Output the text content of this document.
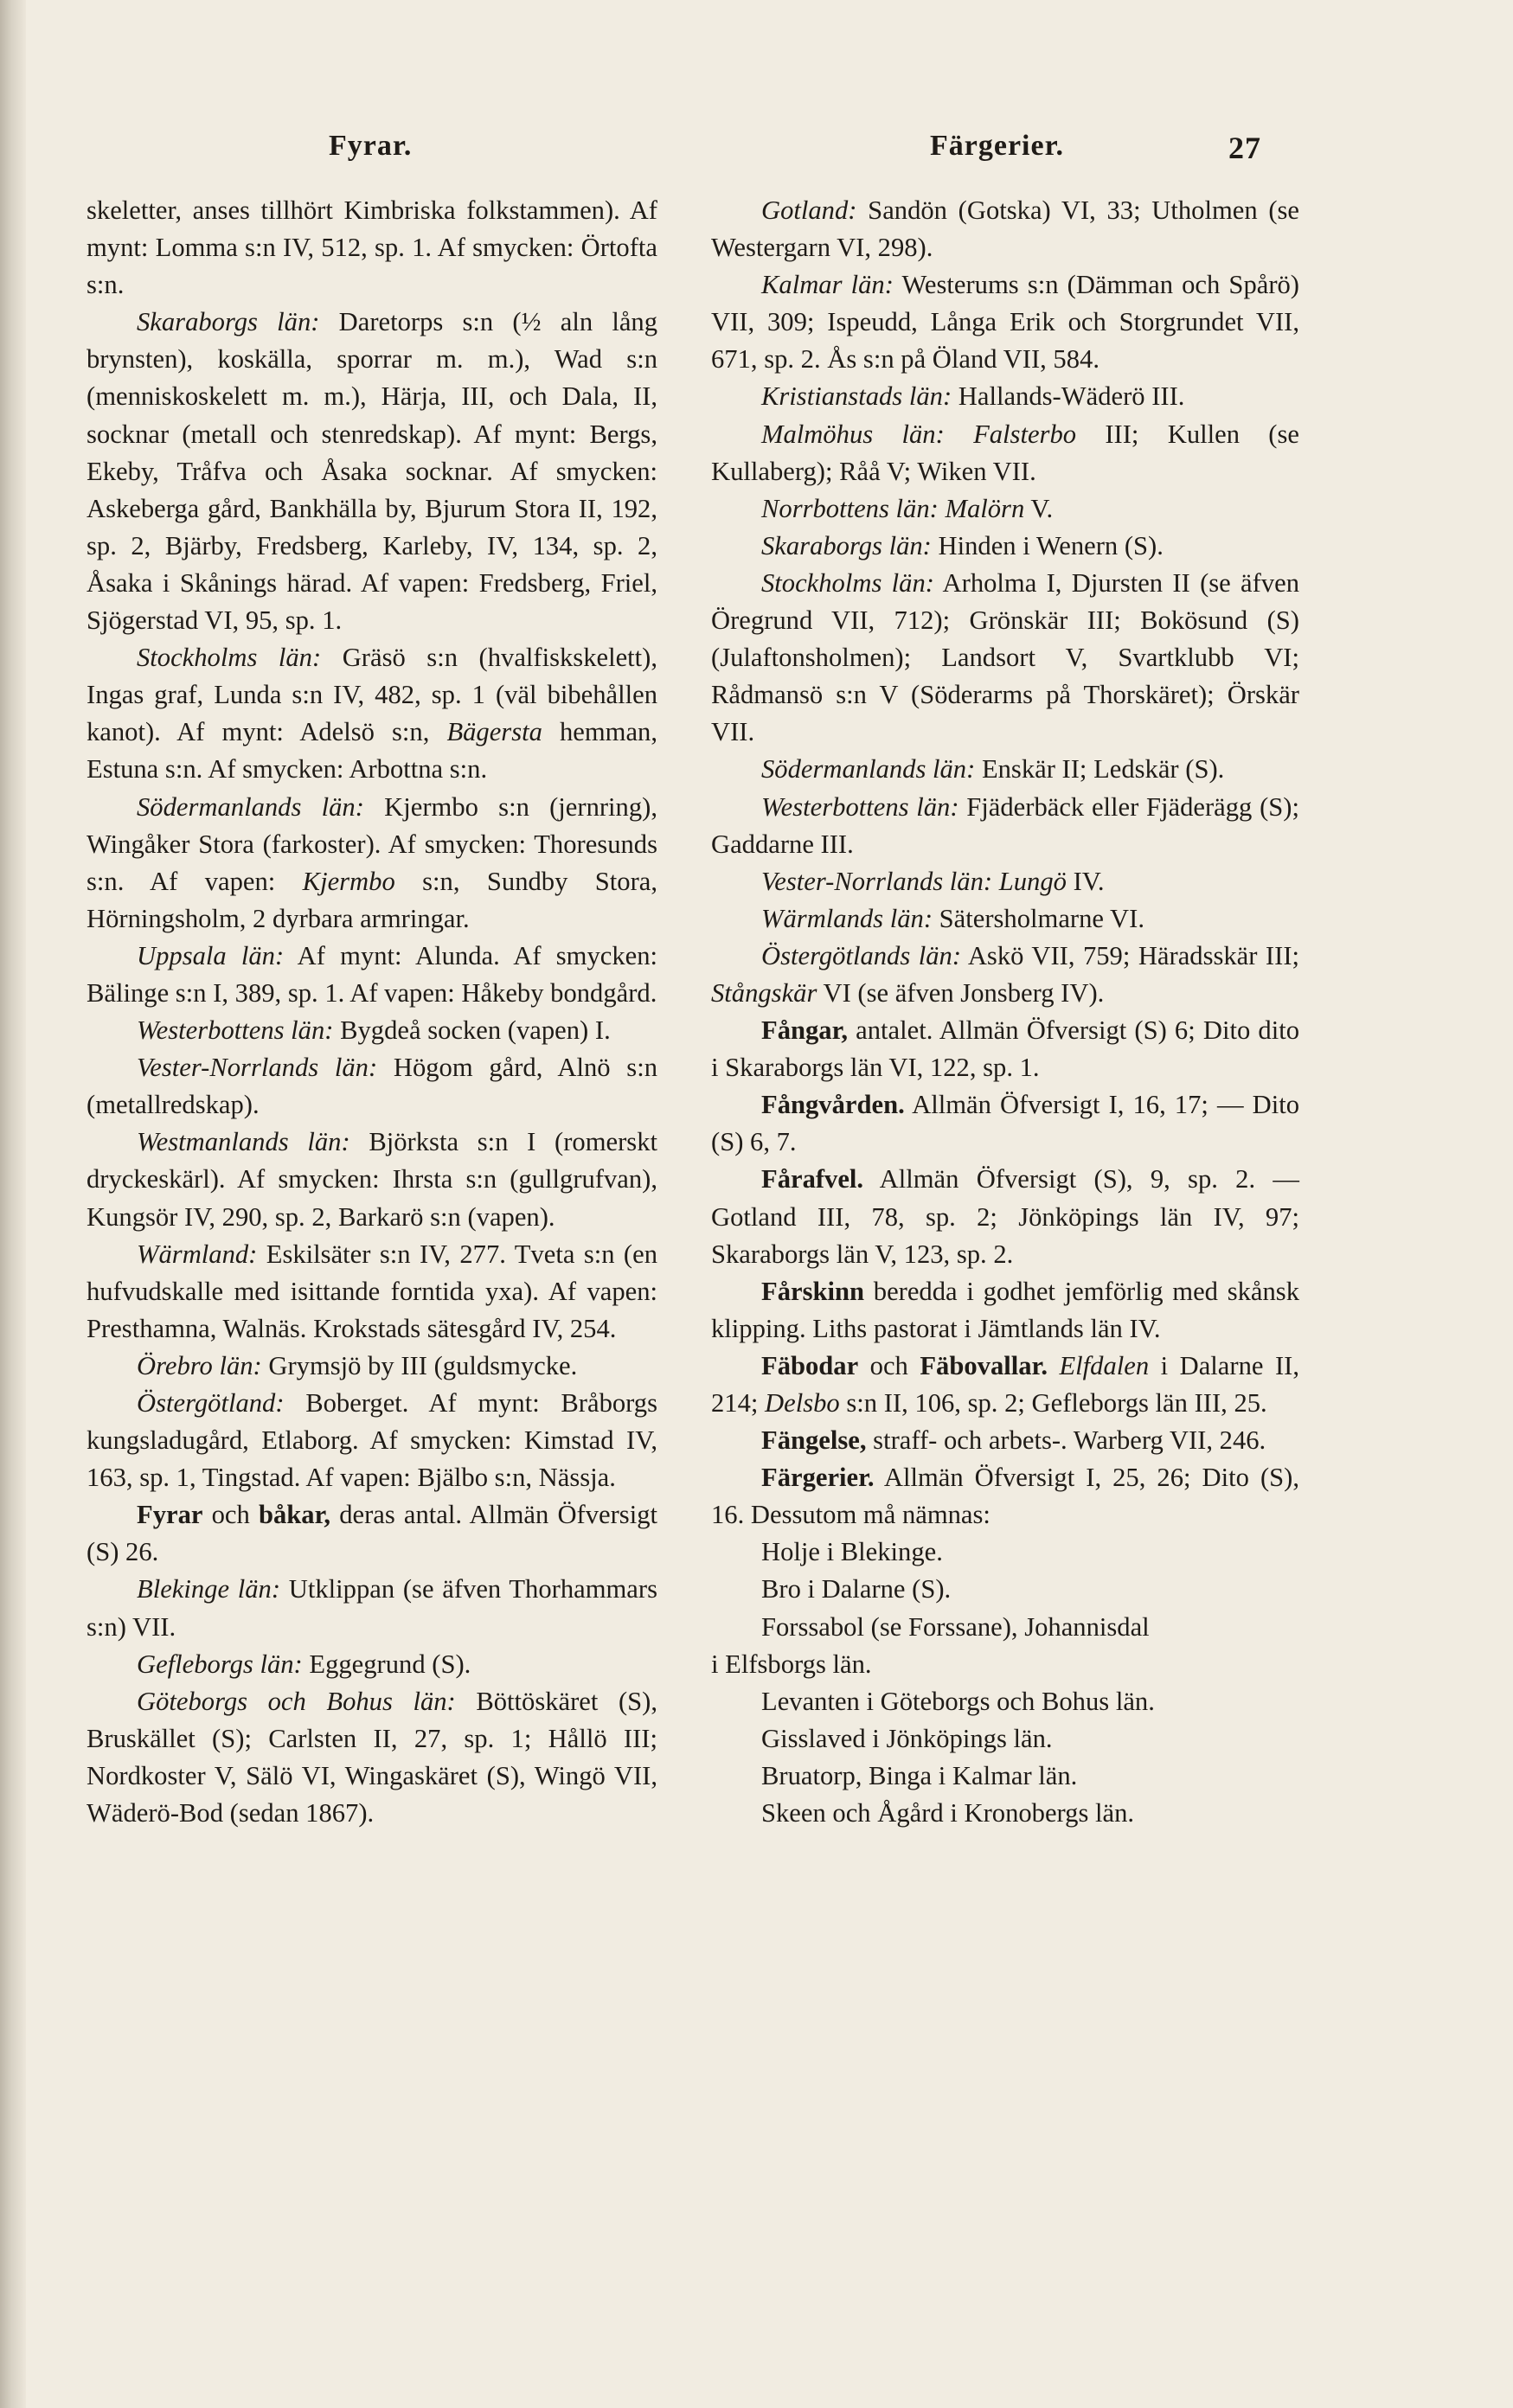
Fyrar.	Färgerier.	27

skeletter, anses tillhört Kimbriska folkstammen). Af mynt: Lomma s:n IV, 512, sp. 1. Af smycken: Örtofta s:n.

Skaraborgs län: Daretorps s:n (½ aln lång brynsten), koskälla, sporrar m. m.), Wad s:n (menniskoskelett m. m.), Härja, III, och Dala, II, socknar (metall och stenredskap). Af mynt: Bergs, Ekeby, Tråfva och Åsaka socknar. Af smycken: Askeberga gård, Bankhälla by, Bjurum Stora II, 192, sp. 2, Bjärby, Fredsberg, Karleby, IV, 134, sp. 2, Åsaka i Skånings härad. Af vapen: Fredsberg, Friel, Sjögerstad VI, 95, sp. 1.

Stockholms län: Gräsö s:n (hvalfiskskelett), Ingas graf, Lunda s:n IV, 482, sp. 1 (väl bibehållen kanot). Af mynt: Adelsö s:n, Bägersta hemman, Estuna s:n. Af smycken: Arbottna s:n.

Södermanlands län: Kjermbo s:n (jernring), Wingåker Stora (farkoster). Af smycken: Thoresunds s:n. Af vapen: Kjermbo s:n, Sundby Stora, Hörningsholm, 2 dyrbara armringar.

Uppsala län: Af mynt: Alunda. Af smycken: Bälinge s:n I, 389, sp. 1. Af vapen: Håkeby bondgård.

Westerbottens län: Bygdeå socken (vapen) I.

Vester-Norrlands län: Högom gård, Alnö s:n (metallredskap).

Westmanlands län: Björksta s:n I (romerskt dryckeskärl). Af smycken: Ihrsta s:n (gullgrufvan), Kungsör IV, 290, sp. 2, Barkarö s:n (vapen).

Wärmland: Eskilsäter s:n IV, 277. Tveta s:n (en hufvudskalle med isittande forntida yxa). Af vapen: Presthamna, Walnäs. Krokstads sätesgård IV, 254.

Örebro län: Grymsjö by III (guldsmycke.

Östergötland: Boberget. Af mynt: Bråborgs kungsladugård, Etlaborg. Af smycken: Kimstad IV, 163, sp. 1, Tingstad. Af vapen: Bjälbo s:n, Nässja.

Fyrar och båkar, deras antal. Allmän Öfversigt (S) 26.

Blekinge län: Utklippan (se äfven Thorhammars s:n) VII.

Gefleborgs län: Eggegrund (S).

Göteborgs och Bohus län: Böttöskäret (S), Bruskället (S); Carlsten II, 27, sp. 1; Hållö III; Nordkoster V, Sälö VI, Wingaskäret (S), Wingö VII, Wäderö-Bod (sedan 1867).

Gotland: Sandön (Gotska) VI, 33; Utholmen (se Westergarn VI, 298).

Kalmar län: Westerums s:n (Dämman och Spårö) VII, 309; Ispeudd, Långa Erik och Storgrundet VII, 671, sp. 2. Ås s:n på Öland VII, 584.

Kristianstads län: Hallands-Wäderö III.

Malmöhus län: Falsterbo III; Kullen (se Kullaberg); Råå V; Wiken VII.

Norrbottens län: Malörn V.

Skaraborgs län: Hinden i Wenern (S).

Stockholms län: Arholma I, Djursten II (se äfven Öregrund VII, 712); Grönskär III; Bokösund (S) (Julaftonsholmen); Landsort V, Svartklubb VI; Rådmansö s:n V (Söderarms på Thorskäret); Örskär VII.

Södermanlands län: Enskär II; Ledskär (S).

Westerbottens län: Fjäderbäck eller Fjäderägg (S); Gaddarne III.

Vester-Norrlands län: Lungö IV.

Wärmlands län: Sätersholmarne VI.

Östergötlands län: Askö VII, 759; Häradsskär III; Stångskär VI (se äfven Jonsberg IV).

Fångar, antalet. Allmän Öfversigt (S) 6; Dito dito i Skaraborgs län VI, 122, sp. 1.

Fångvården. Allmän Öfversigt I, 16, 17; — Dito (S) 6, 7.

Fårafvel. Allmän Öfversigt (S), 9, sp. 2. — Gotland III, 78, sp. 2; Jönköpings län IV, 97; Skaraborgs län V, 123, sp. 2.

Fårskinn beredda i godhet jemförlig med skånsk klipping. Liths pastorat i Jämtlands län IV.

Fäbodar och Fäbovallar. Elfdalen i Dalarne II, 214; Delsbo s:n II, 106, sp. 2; Gefleborgs län III, 25.

Fängelse, straff- och arbets-. Warberg VII, 246.

Färgerier. Allmän Öfversigt I, 25, 26; Dito (S), 16. Dessutom må nämnas:

Holje i Blekinge.

Bro i Dalarne (S).

Forssabol (se Forssane), Johannisdal

i Elfsborgs län.

Levanten i Göteborgs och Bohus län.

Gisslaved i Jönköpings län.

Bruatorp, Binga i Kalmar län.

Skeen och Ågård i Kronobergs län.
